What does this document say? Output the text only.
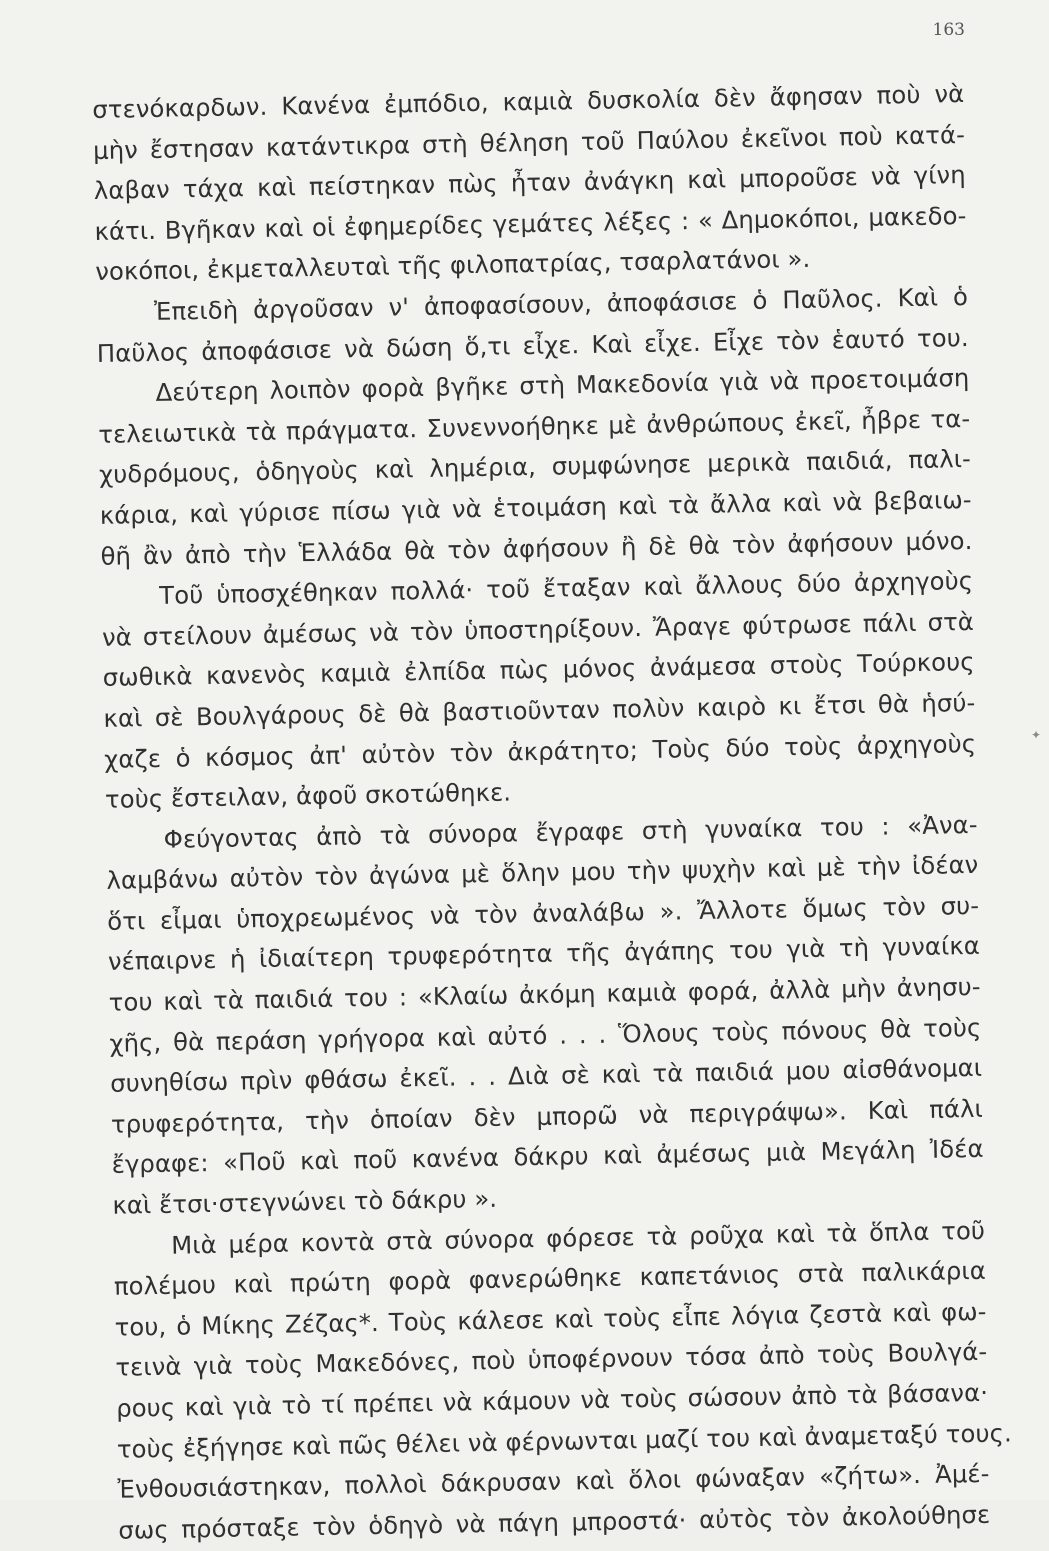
163
στενόκαρδων. Κανένα ἐμπόδιο, καμιὰ δυσκολία δὲν ἄφησαν ποὺ νὰ
μὴν ἔστησαν κατάντικρα στὴ θέληση τοῦ Παύλου ἐκεῖνοι ποὺ κατά-
λαβαν τάχα καὶ πείστηκαν πὼς ἦταν ἀνάγκη καὶ μποροῦσε νὰ γίνη
κάτι. Βγῆκαν καὶ οἱ ἐφημερίδες γεμάτες λέξες : « Δημοκόποι, μακεδο-
νοκόποι, ἐκμεταλλευταὶ τῆς φιλοπατρίας, τσαρλατάνοι ».
Ἐπειδὴ ἀργοῦσαν ν' ἀποφασίσουν, ἀποφάσισε ὁ Παῦλος. Καὶ ὁ
Παῦλος ἀποφάσισε νὰ δώση ὅ,τι εἶχε. Καὶ εἶχε. Εἶχε τὸν ἑαυτό του.
Δεύτερη λοιπὸν φορὰ βγῆκε στὴ Μακεδονία γιὰ νὰ προετοιμάση
τελειωτικὰ τὰ πράγματα. Συνεννοήθηκε μὲ ἀνθρώπους ἐκεῖ, ἦβρε τα-
χυδρόμους, ὁδηγοὺς καὶ λημέρια, συμφώνησε μερικὰ παιδιά, παλι-
κάρια, καὶ γύρισε πίσω γιὰ νὰ ἑτοιμάση καὶ τὰ ἄλλα καὶ νὰ βεβαιω-
θῆ ἂν ἀπὸ τὴν Ἑλλάδα θὰ τὸν ἀφήσουν ἢ δὲ θὰ τὸν ἀφήσουν μόνο.
Τοῦ ὑποσχέθηκαν πολλά· τοῦ ἔταξαν καὶ ἄλλους δύο ἀρχηγοὺς
νὰ στείλουν ἀμέσως νὰ τὸν ὑποστηρίξουν. Ἄραγε φύτρωσε πάλι στὰ
σωθικὰ κανενὸς καμιὰ ἐλπίδα πὼς μόνος ἀνάμεσα στοὺς Τούρκους
καὶ σὲ Βουλγάρους δὲ θὰ βαστιοῦνταν πολὺν καιρὸ κι ἔτσι θὰ ἡσύ-
χαζε ὁ κόσμος ἀπ' αὐτὸν τὸν ἀκράτητο; Τοὺς δύο τοὺς ἀρχηγοὺς
τοὺς ἔστειλαν, ἀφοῦ σκοτώθηκε.
Φεύγοντας ἀπὸ τὰ σύνορα ἔγραφε στὴ γυναίκα του : «Ἀνα-
λαμβάνω αὐτὸν τὸν ἀγώνα μὲ ὅλην μου τὴν ψυχὴν καὶ μὲ τὴν ἰδέαν
ὅτι εἶμαι ὑποχρεωμένος νὰ τὸν ἀναλάβω ». Ἄλλοτε ὅμως τὸν συ-
νέπαιρνε ἡ ἰδιαίτερη τρυφερότητα τῆς ἀγάπης του γιὰ τὴ γυναίκα
του καὶ τὰ παιδιά του : «Κλαίω ἀκόμη καμιὰ φορά, ἀλλὰ μὴν ἀνησυ-
χῆς, θὰ περάση γρήγορα καὶ αὐτό . . . Ὅλους τοὺς πόνους θὰ τοὺς
συνηθίσω πρὶν φθάσω ἐκεῖ. . . Διὰ σὲ καὶ τὰ παιδιά μου αἰσθάνομαι
τρυφερότητα, τὴν ὁποίαν δὲν μπορῶ νὰ περιγράψω». Καὶ πάλι
ἔγραφε: «Ποῦ καὶ ποῦ κανένα δάκρυ καὶ ἀμέσως μιὰ Μεγάλη Ἰδέα
καὶ ἔτσι·στεγνώνει τὸ δάκρυ ».
Μιὰ μέρα κοντὰ στὰ σύνορα φόρεσε τὰ ροῦχα καὶ τὰ ὅπλα τοῦ
πολέμου καὶ πρώτη φορὰ φανερώθηκε καπετάνιος στὰ παλικάρια
του, ὁ Μίκης Ζέζας*. Τοὺς κάλεσε καὶ τοὺς εἶπε λόγια ζεστὰ καὶ φω-
τεινὰ γιὰ τοὺς Μακεδόνες, ποὺ ὑποφέρνουν τόσα ἀπὸ τοὺς Βουλγά-
ρους καὶ γιὰ τὸ τί πρέπει νὰ κάμουν νὰ τοὺς σώσουν ἀπὸ τὰ βάσανα·
τοὺς ἐξήγησε καὶ πῶς θέλει νὰ φέρνωνται μαζί του καὶ ἀναμεταξύ τους.
Ἐνθουσιάστηκαν, πολλοὶ δάκρυσαν καὶ ὅλοι φώναξαν «ζήτω». Ἀμέ-
σως πρόσταξε τὸν ὁδηγὸ νὰ πάγη μπροστά· αὐτὸς τὸν ἀκολούθησε
✦
